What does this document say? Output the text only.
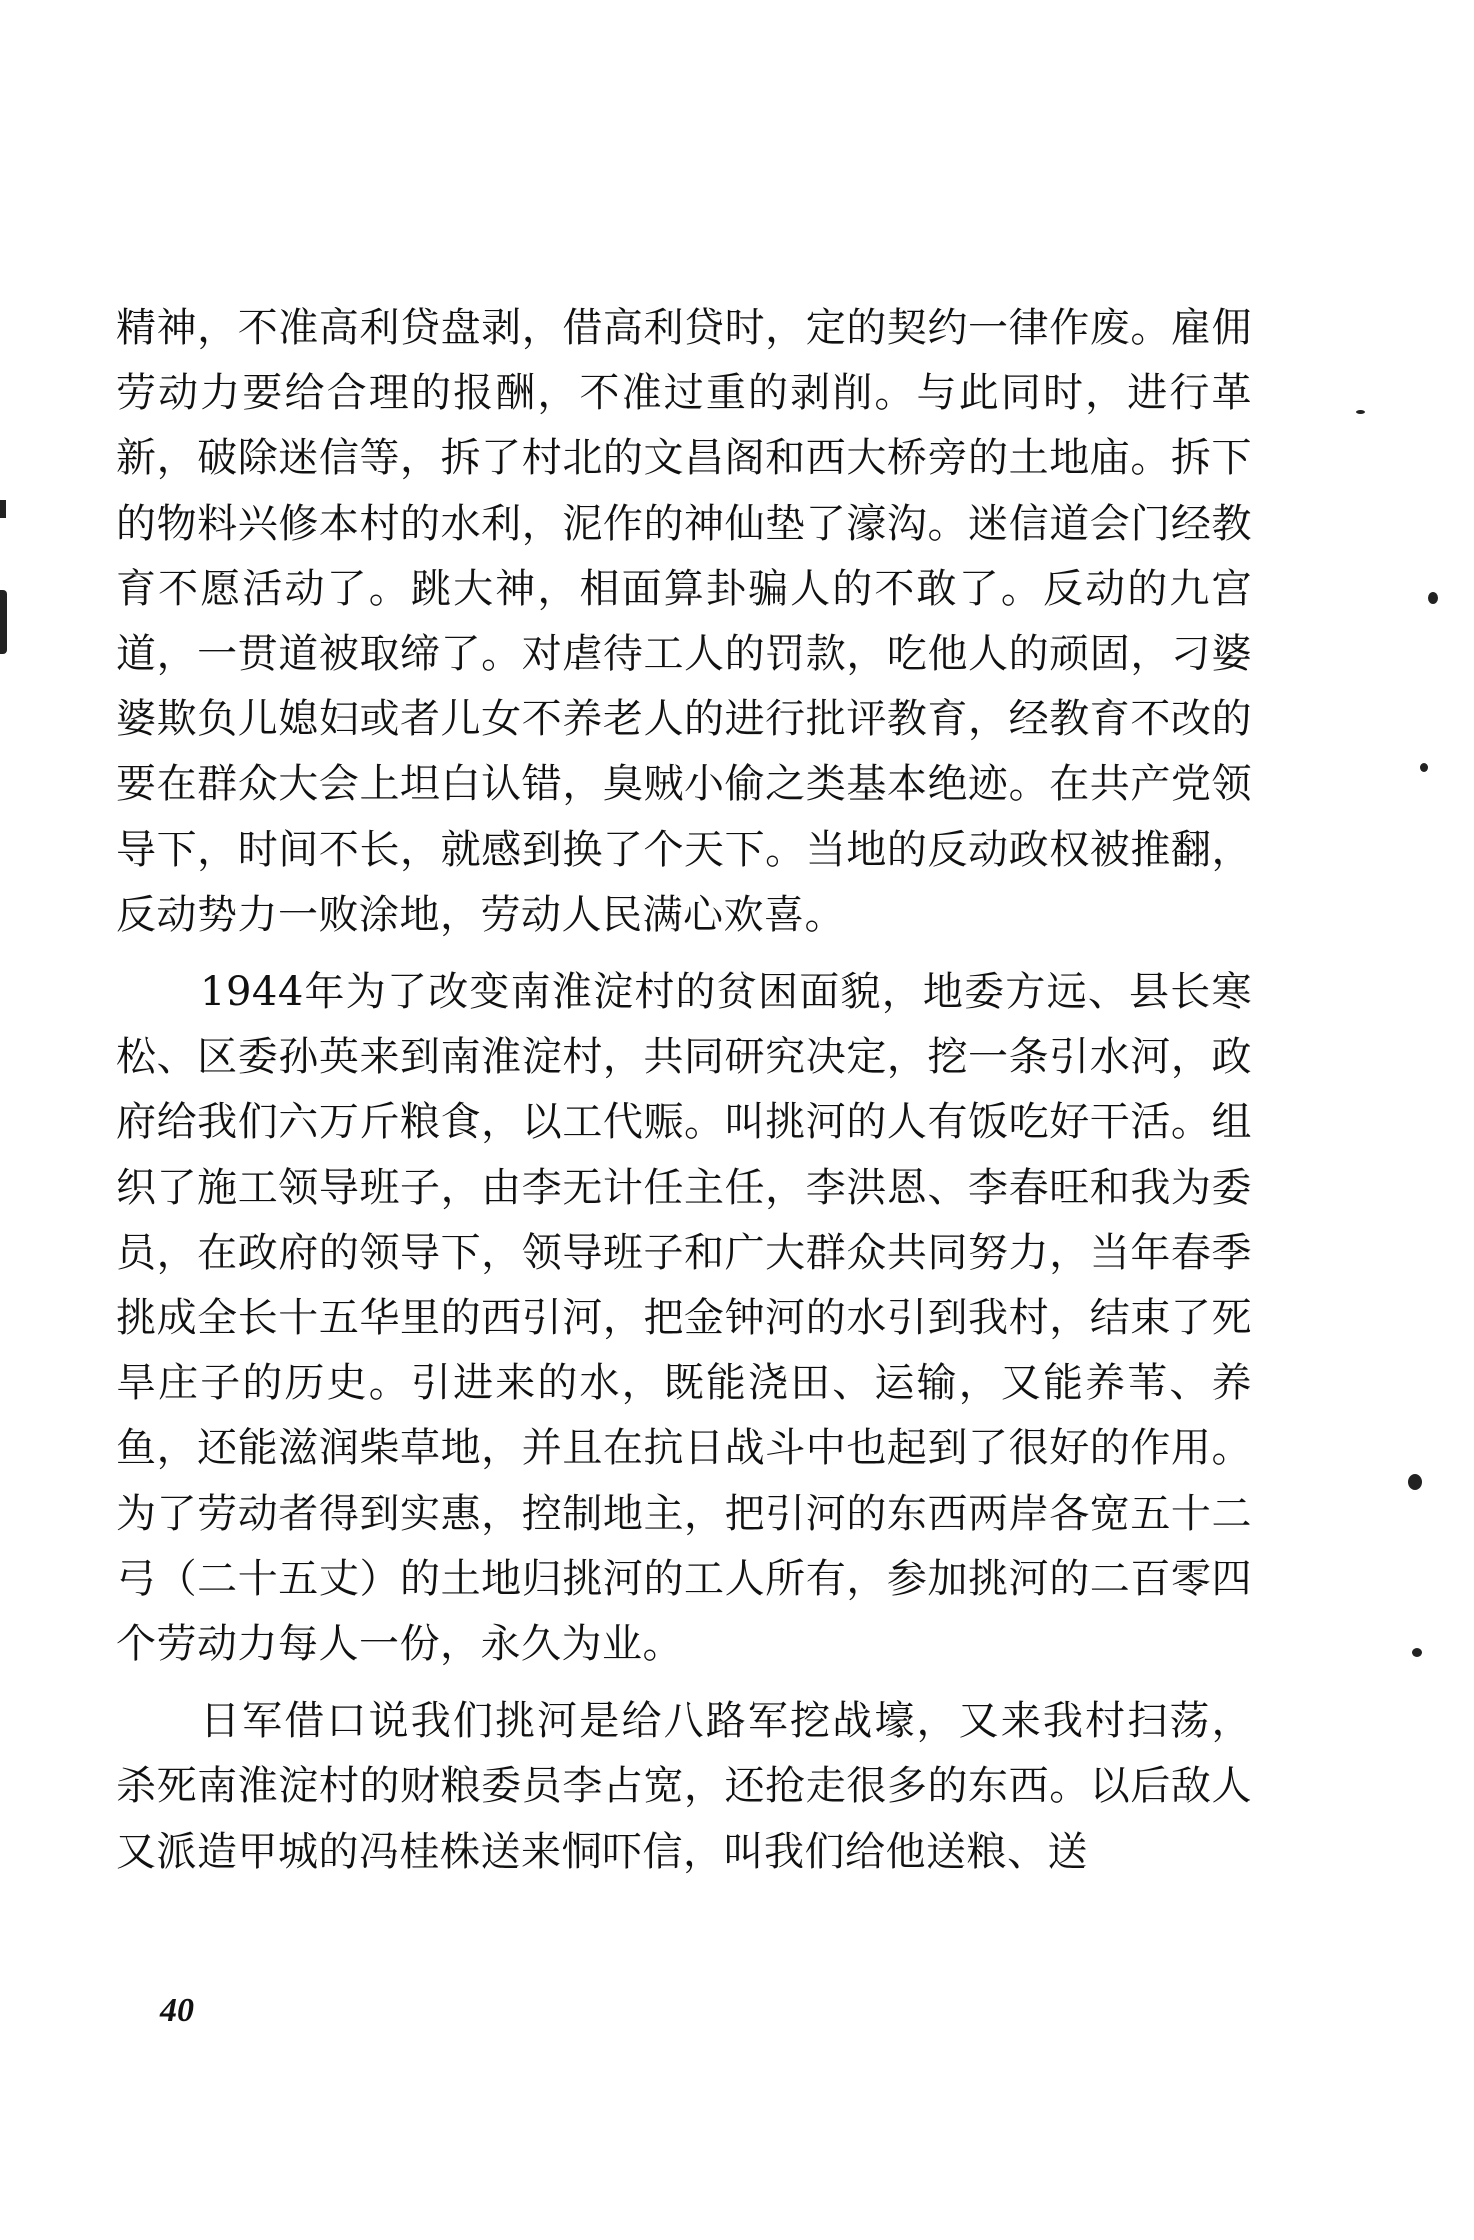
精神，不准高利贷盘剥，借高利贷时，定的契约一律作废。雇佣劳动力要给合理的报酬，不准过重的剥削。与此同时，进行革新，破除迷信等，拆了村北的文昌阁和西大桥旁的土地庙。拆下的物料兴修本村的水利，泥作的神仙垫了濠沟。迷信道会门经教育不愿活动了。跳大神，相面算卦骗人的不敢了。反动的九宫道，一贯道被取缔了。对虐待工人的罚款，吃他人的顽固，刁婆婆欺负儿媳妇或者儿女不养老人的进行批评教育，经教育不改的要在群众大会上坦白认错，臭贼小偷之类基本绝迹。在共产党领导下，时间不长，就感到换了个天下。当地的反动政权被推翻，反动势力一败涂地，劳动人民满心欢喜。

1944年为了改变南淮淀村的贫困面貌，地委方远、县长寒松、区委孙英来到南淮淀村，共同研究决定，挖一条引水河，政府给我们六万斤粮食，以工代赈。叫挑河的人有饭吃好干活。组织了施工领导班子，由李无计任主任，李洪恩、李春旺和我为委员，在政府的领导下，领导班子和广大群众共同努力，当年春季挑成全长十五华里的西引河，把金钟河的水引到我村，结束了死旱庄子的历史。引进来的水，既能浇田、运输，又能养苇、养鱼，还能滋润柴草地，并且在抗日战斗中也起到了很好的作用。为了劳动者得到实惠，控制地主，把引河的东西两岸各宽五十二弓（二十五丈）的土地归挑河的工人所有，参加挑河的二百零四个劳动力每人一份，永久为业。

日军借口说我们挑河是给八路军挖战壕，又来我村扫荡，杀死南淮淀村的财粮委员李占宽，还抢走很多的东西。以后敌人又派造甲城的冯桂株送来恫吓信，叫我们给他送粮、送

40
